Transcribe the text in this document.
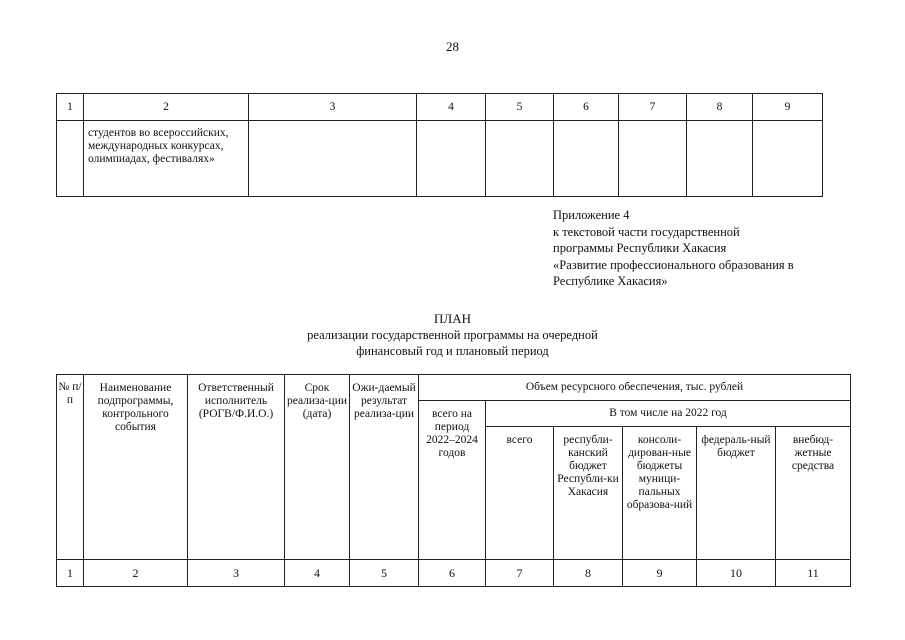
28
1	2	3	4	5	6	7	8	9
	студентов во всероссийских, международных конкурсах, олимпиадах, фестивалях»							
Приложение 4
к текстовой части государственной
программы Республики Хакасия
«Развитие профессионального образования в
Республике Хакасия»
ПЛАН
реализации государственной программы на очередной финансовый год и плановый период
№ п/п	Наименование подпрограммы, контрольного события	Ответственный исполнитель (РОГВ/Ф.И.О.)	Срок реализа-ции (дата)	Ожи-даемый результат реализа-ции	Объем ресурсного обеспечения, тыс. рублей					
					всего на период 2022–2024 годов	В том числе на 2022 год				
						всего	республи-канский бюджет Республи-ки Хакасия	консоли-дирован-ные бюджеты муници-пальных образова-ний	федераль-ный бюджет	внебюд-жетные средства
1	2	3	4	5	6	7	8	9	10	11
